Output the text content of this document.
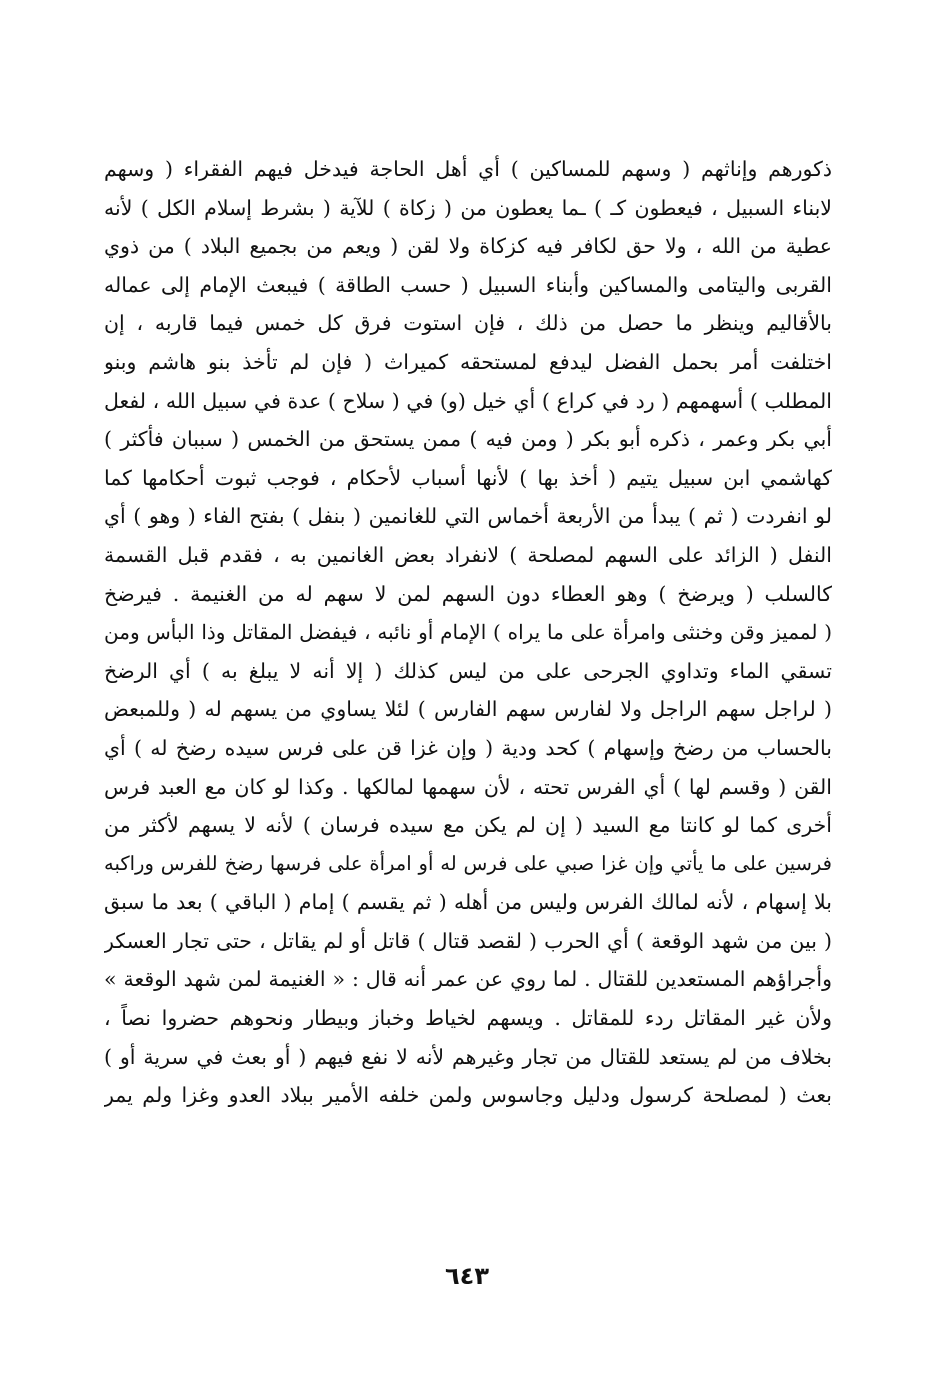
ذكورهم وإناثهم ( وسهم للمساكين ) أي أهل الحاجة فيدخل فيهم الفقراء ( وسهم
لابناء السبيل ، فيعطون كـ ) ـما يعطون من ( زكاة ) للآية ( بشرط إسلام الكل ) لأنه
عطية من الله ، ولا حق لكافر فيه كزكاة ولا لقن ( ويعم من بجميع البلاد ) من ذوي
القربى واليتامى والمساكين وأبناء السبيل ( حسب الطاقة ) فيبعث الإمام إلى عماله
بالأقاليم وينظر ما حصل من ذلك ، فإن استوت فرق كل خمس فيما قاربه ، إن
اختلفت أمر بحمل الفضل ليدفع لمستحقه كميراث ( فإن لم تأخذ بنو هاشم وبنو
المطلب ) أسهمهم ( رد في كراع ) أي خيل (و) في ( سلاح ) عدة في سبيل الله ، لفعل
أبي بكر وعمر ، ذكره أبو بكر ( ومن فيه ) ممن يستحق من الخمس ( سببان فأكثر )
كهاشمي ابن سبيل يتيم ( أخذ بها ) لأنها أسباب لأحكام ، فوجب ثبوت أحكامها كما
لو انفردت ( ثم ) يبدأ من الأربعة أخماس التي للغانمين ( بنفل ) بفتح الفاء ( وهو ) أي
النفل ( الزائد على السهم لمصلحة ) لانفراد بعض الغانمين به ، فقدم قبل القسمة
كالسلب ( ويرضخ ) وهو العطاء دون السهم لمن لا سهم له من الغنيمة . فيرضخ
( لمميز وقن وخنثى وامرأة على ما يراه ) الإمام أو نائبه ، فيفضل المقاتل وذا البأس ومن
تسقي الماء وتداوي الجرحى على من ليس كذلك ( إلا أنه لا يبلغ به ) أي الرضخ
( لراجل سهم الراجل ولا لفارس سهم الفارس ) لئلا يساوي من يسهم له ( وللمبعض
بالحساب من رضخ وإسهام ) كحد ودية ( وإن غزا قن على فرس سيده رضخ له ) أي
القن ( وقسم لها ) أي الفرس تحته ، لأن سهمها لمالكها . وكذا لو كان مع العبد فرس
أخرى كما لو كانتا مع السيد ( إن لم يكن مع سيده فرسان ) لأنه لا يسهم لأكثر من
فرسين على ما يأتي وإن غزا صبي على فرس له أو امرأة على فرسها رضخ للفرس وراكبه
بلا إسهام ، لأنه لمالك الفرس وليس من أهله ( ثم يقسم ) إمام ( الباقي ) بعد ما سبق
( بين من شهد الوقعة ) أي الحرب ( لقصد قتال ) قاتل أو لم يقاتل ، حتى تجار العسكر
وأجراؤهم المستعدين للقتال . لما روي عن عمر أنه قال : « الغنيمة لمن شهد الوقعة »
ولأن غير المقاتل ردء للمقاتل . ويسهم لخياط وخباز وبيطار ونحوهم حضروا نصاً ،
بخلاف من لم يستعد للقتال من تجار وغيرهم لأنه لا نفع فيهم ( أو بعث في سرية أو )
بعث ( لمصلحة كرسول ودليل وجاسوس ولمن خلفه الأمير ببلاد العدو وغزا ولم يمر
٦٤٣
